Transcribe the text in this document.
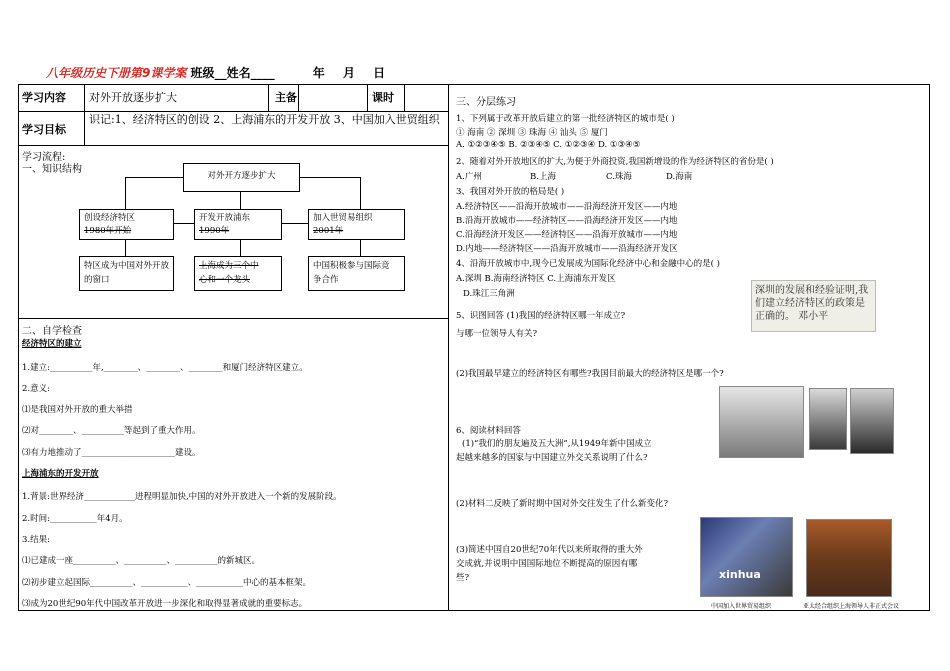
八年级历史下册第9课学案 班级__姓名____	年 月 日
学习内容 对外开放逐步扩大	主备	课时
学习目标
识记:1、经济特区的创设 2、上海浦东的开发开放 3、中国加入世贸组织
学习流程:
一、知识结构
对外开方逐步扩大
创设经济特区
1980年开始
开发开放浦东
1990年
加入世贸易组织
2001年
特区成为中国对外开放的窗口
上海成为三个中心和一个龙头
中国积极参与国际竞争合作
二、自学检查
经济特区的建立
1.建立:__________年,________、________、________和厦门经济特区建立。
2.意义:
⑴是我国对外开放的重大举措
⑵对________、__________等起到了重大作用。
⑶有力地推动了______________________建设。
上海浦东的开发开放
1.背景:世界经济____________进程明显加快,中国的对外开放进入一个新的发展阶段。
2.时间:___________年4月。
3.结果:
⑴已建成一座__________、__________、__________的新城区。
⑵初步建立起国际__________、___________、___________中心的基本框架。
⑶成为20世纪90年代中国改革开放进一步深化和取得显著成就的重要标志。
三、分层练习
1、下列属于改革开放后建立的第一批经济特区的城市是( )
① 海南 ② 深圳 ③ 珠海 ④ 汕头 ⑤ 厦门
A. ①②③④⑤ B. ②③④⑤ C. ①②③④ D. ①③④⑤
2、随着对外开放地区的扩大,为便于外商投资,我国新增设的作为经济特区的省份是( )
A.广州	B.上海	C.珠海	D.海南
3、我国对外开放的格局是( )
A.经济特区——沿海开放城市——沿海经济开发区——内地
B.沿海开放城市——经济特区——沿海经济开发区——内地
C.沿海经济开发区——经济特区——沿海开放城市——内地
D.内地——经济特区——沿海开放城市——沿海经济开发区
4、沿海开放城市中,现今已发展成为国际化经济中心和金融中心的是( )
A.深圳 B.海南经济特区 C.上海浦东开发区
D.珠江三角洲
5、识图回答 (1)我国的经济特区哪一年成立?
与哪一位领导人有关?
深圳的发展和经验证明,我们建立经济特区的政策是正确的。 邓小平
(2)我国最早建立的经济特区有哪些?我国目前最大的经济特区是哪一个?
6、阅读材料回答
(1)“我们的朋友遍及五大洲”,从1949年新中国成立
起越来越多的国家与中国建立外交关系说明了什么?
(2)材料二反映了新时期中国对外交往发生了什么新变化?
(3)简述中国自20世纪70年代以来所取得的重大外
交成就,并说明中国国际地位不断提高的原因有哪
些?	xinhua
中国加入世界贸易组织	亚太经合组织上海领导人非正式会议
